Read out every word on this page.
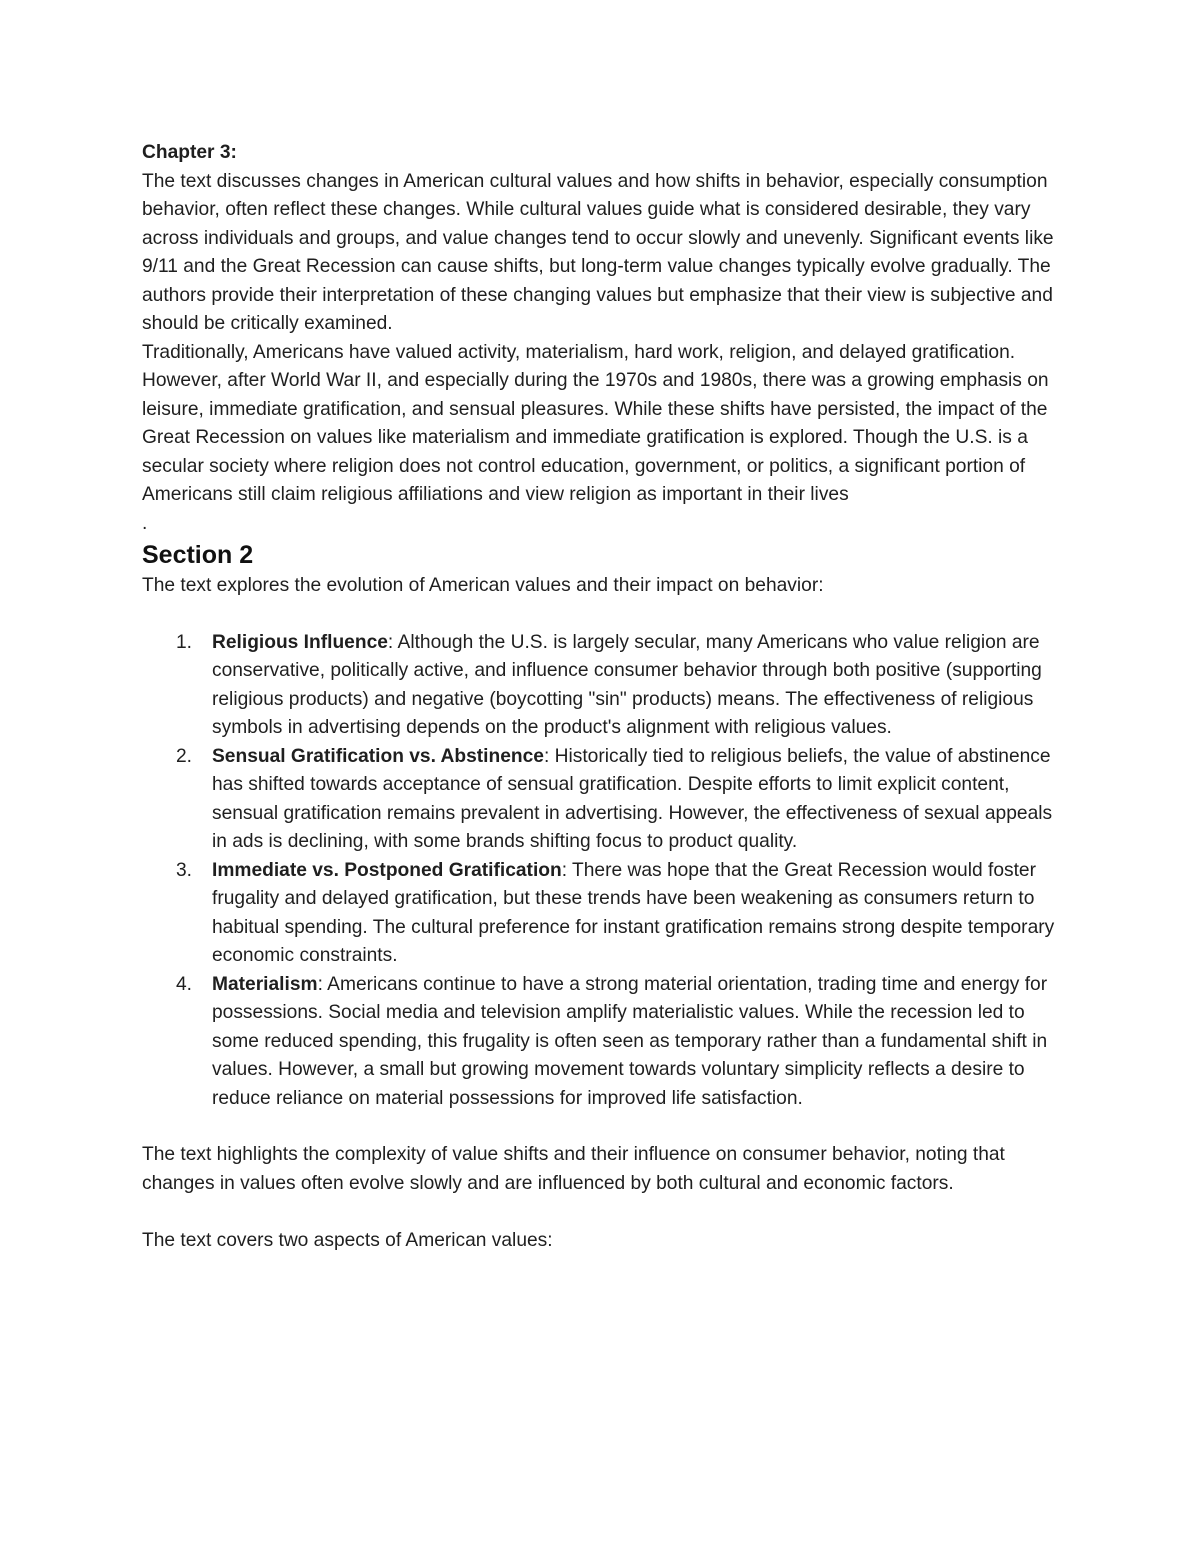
Chapter 3:

The text discusses changes in American cultural values and how shifts in behavior, especially consumption behavior, often reflect these changes. While cultural values guide what is considered desirable, they vary across individuals and groups, and value changes tend to occur slowly and unevenly. Significant events like 9/11 and the Great Recession can cause shifts, but long-term value changes typically evolve gradually. The authors provide their interpretation of these changing values but emphasize that their view is subjective and should be critically examined.

Traditionally, Americans have valued activity, materialism, hard work, religion, and delayed gratification. However, after World War II, and especially during the 1970s and 1980s, there was a growing emphasis on leisure, immediate gratification, and sensual pleasures. While these shifts have persisted, the impact of the Great Recession on values like materialism and immediate gratification is explored. Though the U.S. is a secular society where religion does not control education, government, or politics, a significant portion of Americans still claim religious affiliations and view religion as important in their lives

.
Section 2

The text explores the evolution of American values and their impact on behavior:

1. Religious Influence: Although the U.S. is largely secular, many Americans who value religion are conservative, politically active, and influence consumer behavior through both positive (supporting religious products) and negative (boycotting "sin" products) means. The effectiveness of religious symbols in advertising depends on the product's alignment with religious values.
2. Sensual Gratification vs. Abstinence: Historically tied to religious beliefs, the value of abstinence has shifted towards acceptance of sensual gratification. Despite efforts to limit explicit content, sensual gratification remains prevalent in advertising. However, the effectiveness of sexual appeals in ads is declining, with some brands shifting focus to product quality.
3. Immediate vs. Postponed Gratification: There was hope that the Great Recession would foster frugality and delayed gratification, but these trends have been weakening as consumers return to habitual spending. The cultural preference for instant gratification remains strong despite temporary economic constraints.
4. Materialism: Americans continue to have a strong material orientation, trading time and energy for possessions. Social media and television amplify materialistic values. While the recession led to some reduced spending, this frugality is often seen as temporary rather than a fundamental shift in values. However, a small but growing movement towards voluntary simplicity reflects a desire to reduce reliance on material possessions for improved life satisfaction.

The text highlights the complexity of value shifts and their influence on consumer behavior, noting that changes in values often evolve slowly and are influenced by both cultural and economic factors.

The text covers two aspects of American values:
